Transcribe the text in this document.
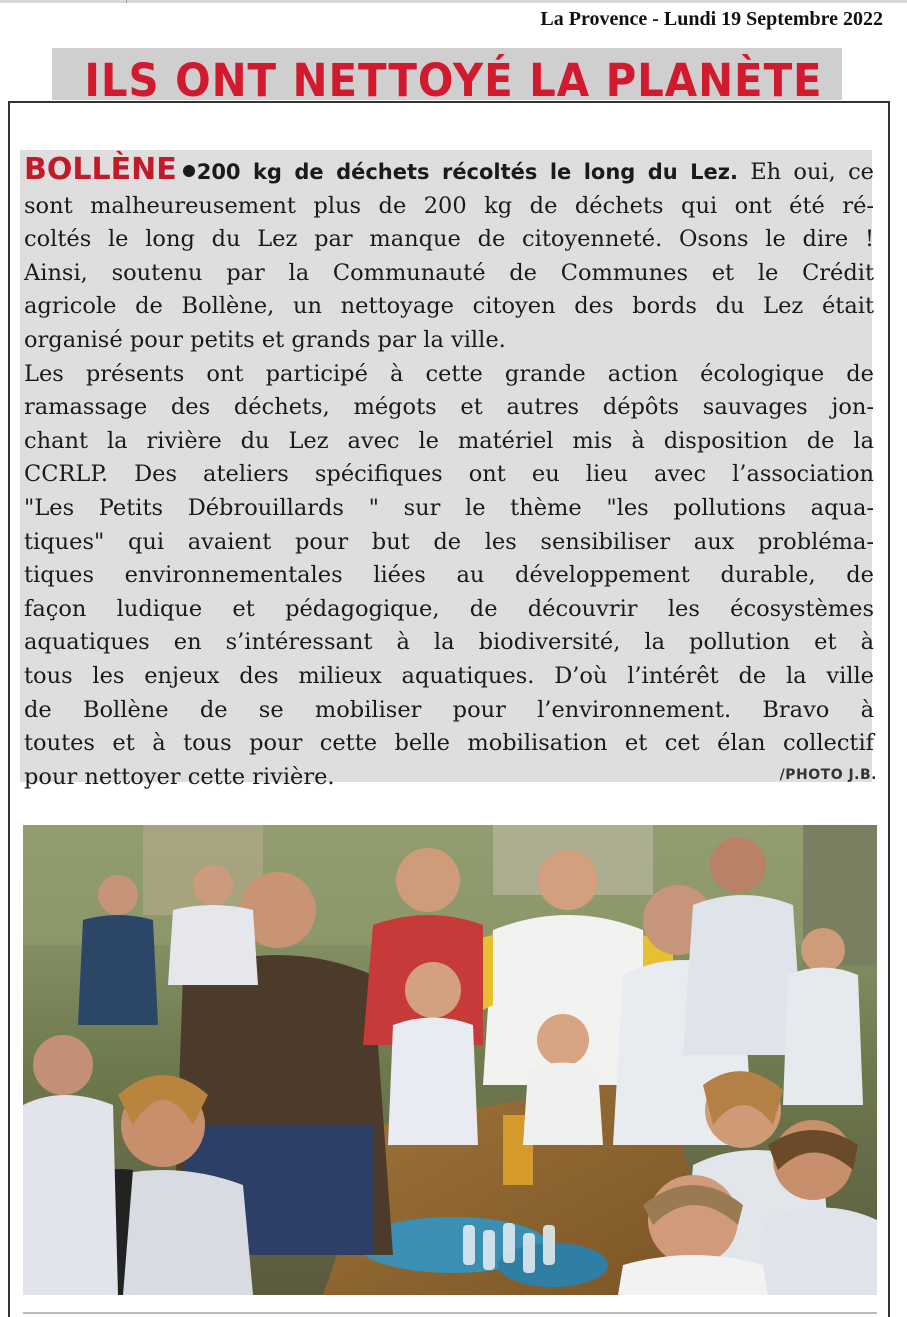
La Provence - Lundi 19 Septembre 2022
ILS ONT NETTOYÉ LA PLANÈTE
BOLLÈNE 200 kg de déchets récoltés le long du Lez. Eh oui, ce
sont malheureusement plus de 200 kg de déchets qui ont été ré-
coltés le long du Lez par manque de citoyenneté. Osons le dire !
Ainsi, soutenu par la Communauté de Communes et le Crédit
agricole de Bollène, un nettoyage citoyen des bords du Lez était
organisé pour petits et grands par la ville.
Les présents ont participé à cette grande action écologique de
ramassage des déchets, mégots et autres dépôts sauvages jon-
chant la rivière du Lez avec le matériel mis à disposition de la
CCRLP. Des ateliers spécifiques ont eu lieu avec l’association
"Les Petits Débrouillards " sur le thème "les pollutions aqua-
tiques" qui avaient pour but de les sensibiliser aux probléma-
tiques environnementales liées au développement durable, de
façon ludique et pédagogique, de découvrir les écosystèmes
aquatiques en s’intéressant à la biodiversité, la pollution et à
tous les enjeux des milieux aquatiques. D’où l’intérêt de la ville
de Bollène de se mobiliser pour l’environnement. Bravo à
toutes et à tous pour cette belle mobilisation et cet élan collectif
pour nettoyer cette rivière.	/PHOTO J.B.
